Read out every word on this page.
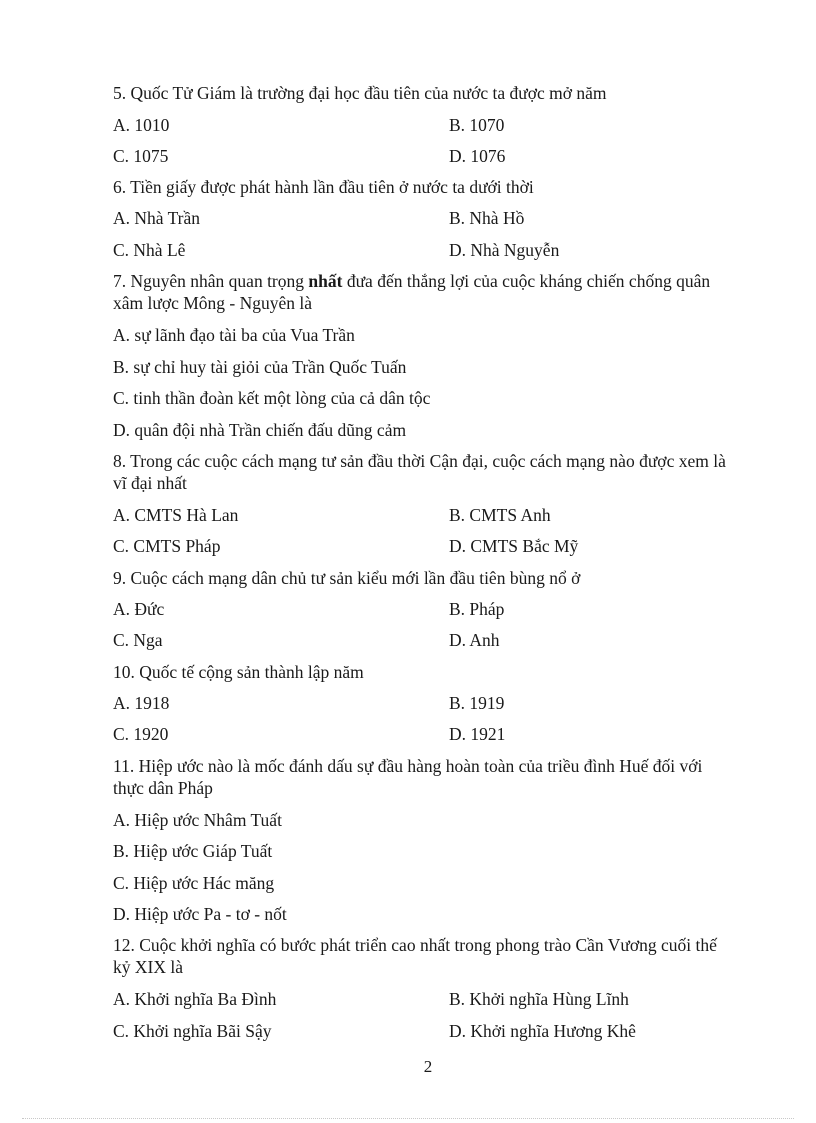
5. Quốc Tử Giám là trường đại học đầu tiên của nước ta được mở năm
A. 1010	B. 1070
C. 1075	D. 1076
6. Tiền giấy được phát hành lần đầu tiên ở nước ta dưới thời
A. Nhà Trần	B. Nhà Hồ
C. Nhà Lê	D. Nhà Nguyễn
7. Nguyên nhân quan trọng nhất đưa đến thắng lợi của cuộc kháng chiến chống quân xâm lược Mông - Nguyên là
A. sự lãnh đạo tài ba của Vua Trần
B. sự chỉ huy tài giỏi của Trần Quốc Tuấn
C. tinh thần đoàn kết một lòng của cả dân tộc
D. quân đội nhà Trần chiến đấu dũng cảm
8. Trong các cuộc cách mạng tư sản đầu thời Cận đại, cuộc cách mạng nào được xem là vĩ đại nhất
A. CMTS Hà Lan	B. CMTS Anh
C. CMTS Pháp	D. CMTS Bắc Mỹ
9. Cuộc cách mạng dân chủ tư sản kiểu mới lần đầu tiên bùng nổ ở
A. Đức	B. Pháp
C. Nga	D. Anh
10. Quốc tế cộng sản thành lập năm
A. 1918	B. 1919
C. 1920	D. 1921
11. Hiệp ước nào là mốc đánh dấu sự đầu hàng hoàn toàn của triều đình Huế đối với thực dân Pháp
A. Hiệp ước Nhâm Tuất
B. Hiệp ước Giáp Tuất
C. Hiệp ước Hác măng
D. Hiệp ước Pa - tơ - nốt
12. Cuộc khởi nghĩa có bước phát triển cao nhất trong phong trào Cần Vương cuối thế kỷ XIX là
A. Khởi nghĩa Ba Đình	B. Khởi nghĩa Hùng Lĩnh
C. Khởi nghĩa Bãi Sậy	D. Khởi nghĩa Hương Khê
2
